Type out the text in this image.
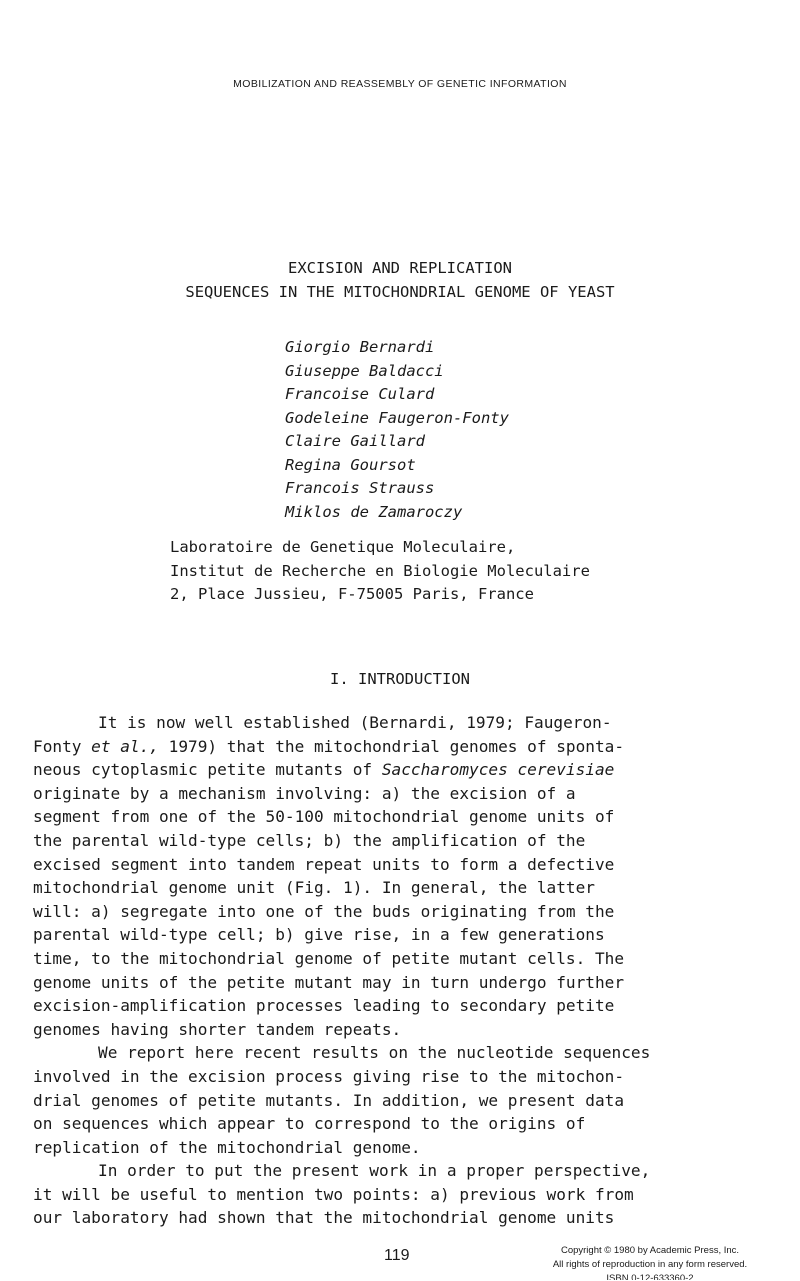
MOBILIZATION AND REASSEMBLY OF GENETIC INFORMATION
EXCISION AND REPLICATION
SEQUENCES IN THE MITOCHONDRIAL GENOME OF YEAST
Giorgio Bernardi
Giuseppe Baldacci
Francoise Culard
Godeleine Faugeron-Fonty
Claire Gaillard
Regina Goursot
Francois Strauss
Miklos de Zamaroczy
Laboratoire de Genetique Moleculaire,
Institut de Recherche en Biologie Moleculaire
2, Place Jussieu, F-75005 Paris, France
I. INTRODUCTION
It is now well established (Bernardi, 1979; Faugeron-
Fonty et al., 1979) that the mitochondrial genomes of sponta-
neous cytoplasmic petite mutants of Saccharomyces cerevisiae
originate by a mechanism involving: a) the excision of a
segment from one of the 50-100 mitochondrial genome units of
the parental wild-type cells; b) the amplification of the
excised segment into tandem repeat units to form a defective
mitochondrial genome unit (Fig. 1). In general, the latter
will: a) segregate into one of the buds originating from the
parental wild-type cell; b) give rise, in a few generations
time, to the mitochondrial genome of petite mutant cells. The
genome units of the petite mutant may in turn undergo further
excision-amplification processes leading to secondary petite
genomes having shorter tandem repeats.
We report here recent results on the nucleotide sequences
involved in the excision process giving rise to the mitochon-
drial genomes of petite mutants. In addition, we present data
on sequences which appear to correspond to the origins of
replication of the mitochondrial genome.
In order to put the present work in a proper perspective,
it will be useful to mention two points: a) previous work from
our laboratory had shown that the mitochondrial genome units
119	Copyright © 1980 by Academic Press, Inc.
All rights of reproduction in any form reserved.
ISBN 0-12-633360-2
